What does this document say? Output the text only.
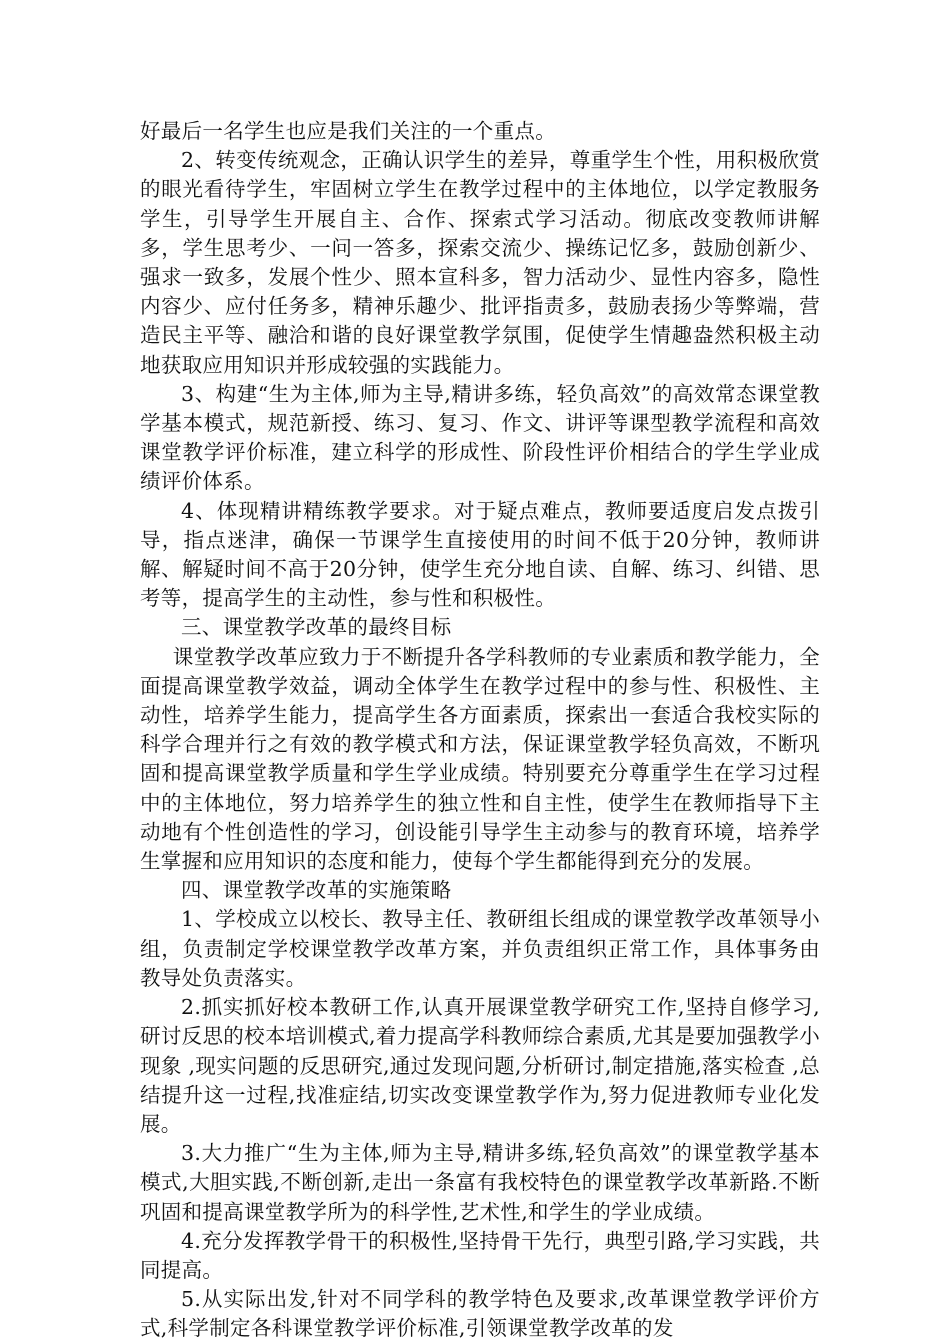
好最后一名学生也应是我们关注的一个重点。

2、转变传统观念，正确认识学生的差异，尊重学生个性，用积极欣赏的眼光看待学生，牢固树立学生在教学过程中的主体地位，以学定教服务学生，引导学生开展自主、合作、探索式学习活动。彻底改变教师讲解多，学生思考少、一问一答多，探索交流少、操练记忆多，鼓励创新少、强求一致多，发展个性少、照本宣科多，智力活动少、显性内容多，隐性内容少、应付任务多，精神乐趣少、批评指责多，鼓励表扬少等弊端，营造民主平等、融洽和谐的良好课堂教学氛围，促使学生情趣盎然积极主动地获取应用知识并形成较强的实践能力。

3、构建“生为主体,师为主导,精讲多练，轻负高效”的高效常态课堂教学基本模式，规范新授、练习、复习、作文、讲评等课型教学流程和高效课堂教学评价标准，建立科学的形成性、阶段性评价相结合的学生学业成绩评价体系。

4、体现精讲精练教学要求。对于疑点难点，教师要适度启发点拨引导，指点迷津，确保一节课学生直接使用的时间不低于20分钟，教师讲解、解疑时间不高于20分钟，使学生充分地自读、自解、练习、纠错、思考等，提高学生的主动性，参与性和积极性。

三、课堂教学改革的最终目标

课堂教学改革应致力于不断提升各学科教师的专业素质和教学能力，全面提高课堂教学效益，调动全体学生在教学过程中的参与性、积极性、主动性，培养学生能力，提高学生各方面素质，探索出一套适合我校实际的科学合理并行之有效的教学模式和方法，保证课堂教学轻负高效，不断巩固和提高课堂教学质量和学生学业成绩。特别要充分尊重学生在学习过程中的主体地位，努力培养学生的独立性和自主性，使学生在教师指导下主动地有个性创造性的学习，创设能引导学生主动参与的教育环境，培养学生掌握和应用知识的态度和能力，使每个学生都能得到充分的发展。

四、课堂教学改革的实施策略

1、学校成立以校长、教导主任、教研组长组成的课堂教学改革领导小组，负责制定学校课堂教学改革方案，并负责组织正常工作，具体事务由教导处负责落实。

2.抓实抓好校本教研工作,认真开展课堂教学研究工作,坚持自修学习,研讨反思的校本培训模式,着力提高学科教师综合素质,尤其是要加强教学小现象 ,现实问题的反思研究,通过发现问题,分析研讨,制定措施,落实检查 ,总结提升这一过程,找准症结,切实改变课堂教学作为,努力促进教师专业化发展。

3.大力推广“生为主体,师为主导,精讲多练,轻负高效”的课堂教学基本模式,大胆实践,不断创新,走出一条富有我校特色的课堂教学改革新路.不断巩固和提高课堂教学所为的科学性,艺术性,和学生的学业成绩。

4.充分发挥教学骨干的积极性,坚持骨干先行，典型引路,学习实践，共同提高。

5.从实际出发,针对不同学科的教学特色及要求,改革课堂教学评价方式,科学制定各科课堂教学评价标准,引领课堂教学改革的发
